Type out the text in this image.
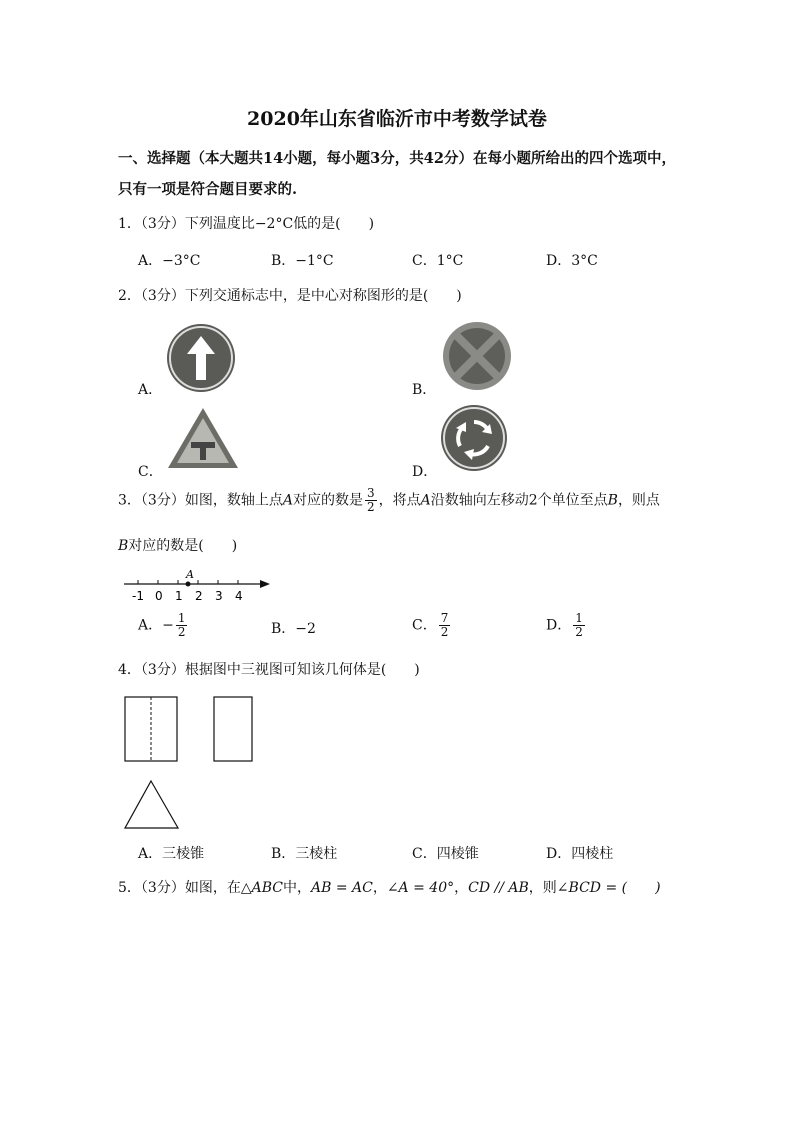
2020年山东省临沂市中考数学试卷
一、选择题（本大题共14小题，每小题3分，共42分）在每小题所给出的四个选项中，
只有一项是符合题目要求的.
1．（3分）下列温度比−2°C低的是(　　)
A．−3°C	B．−1°C	C．1°C	D．3°C
2．（3分）下列交通标志中，是中心对称图形的是(　　)
A．	B．
C．	D．
3．（3分）如图，数轴上点A对应的数是 $\frac{3}{2}$ ，将点A沿数轴向左移动2个单位至点B，则点
B对应的数是(　　)
A
-1 0 1 2 3 4
A．− $\frac{1}{2}$	B．−2	C． $\frac{7}{2}$	D． $\frac{1}{2}$
4．（3分）根据图中三视图可知该几何体是(　　)
A．三棱锥	B．三棱柱	C．四棱锥	D．四棱柱
5．（3分）如图，在△ABC中，AB = AC，∠A = 40°，CD // AB，则∠BCD = (　　)
